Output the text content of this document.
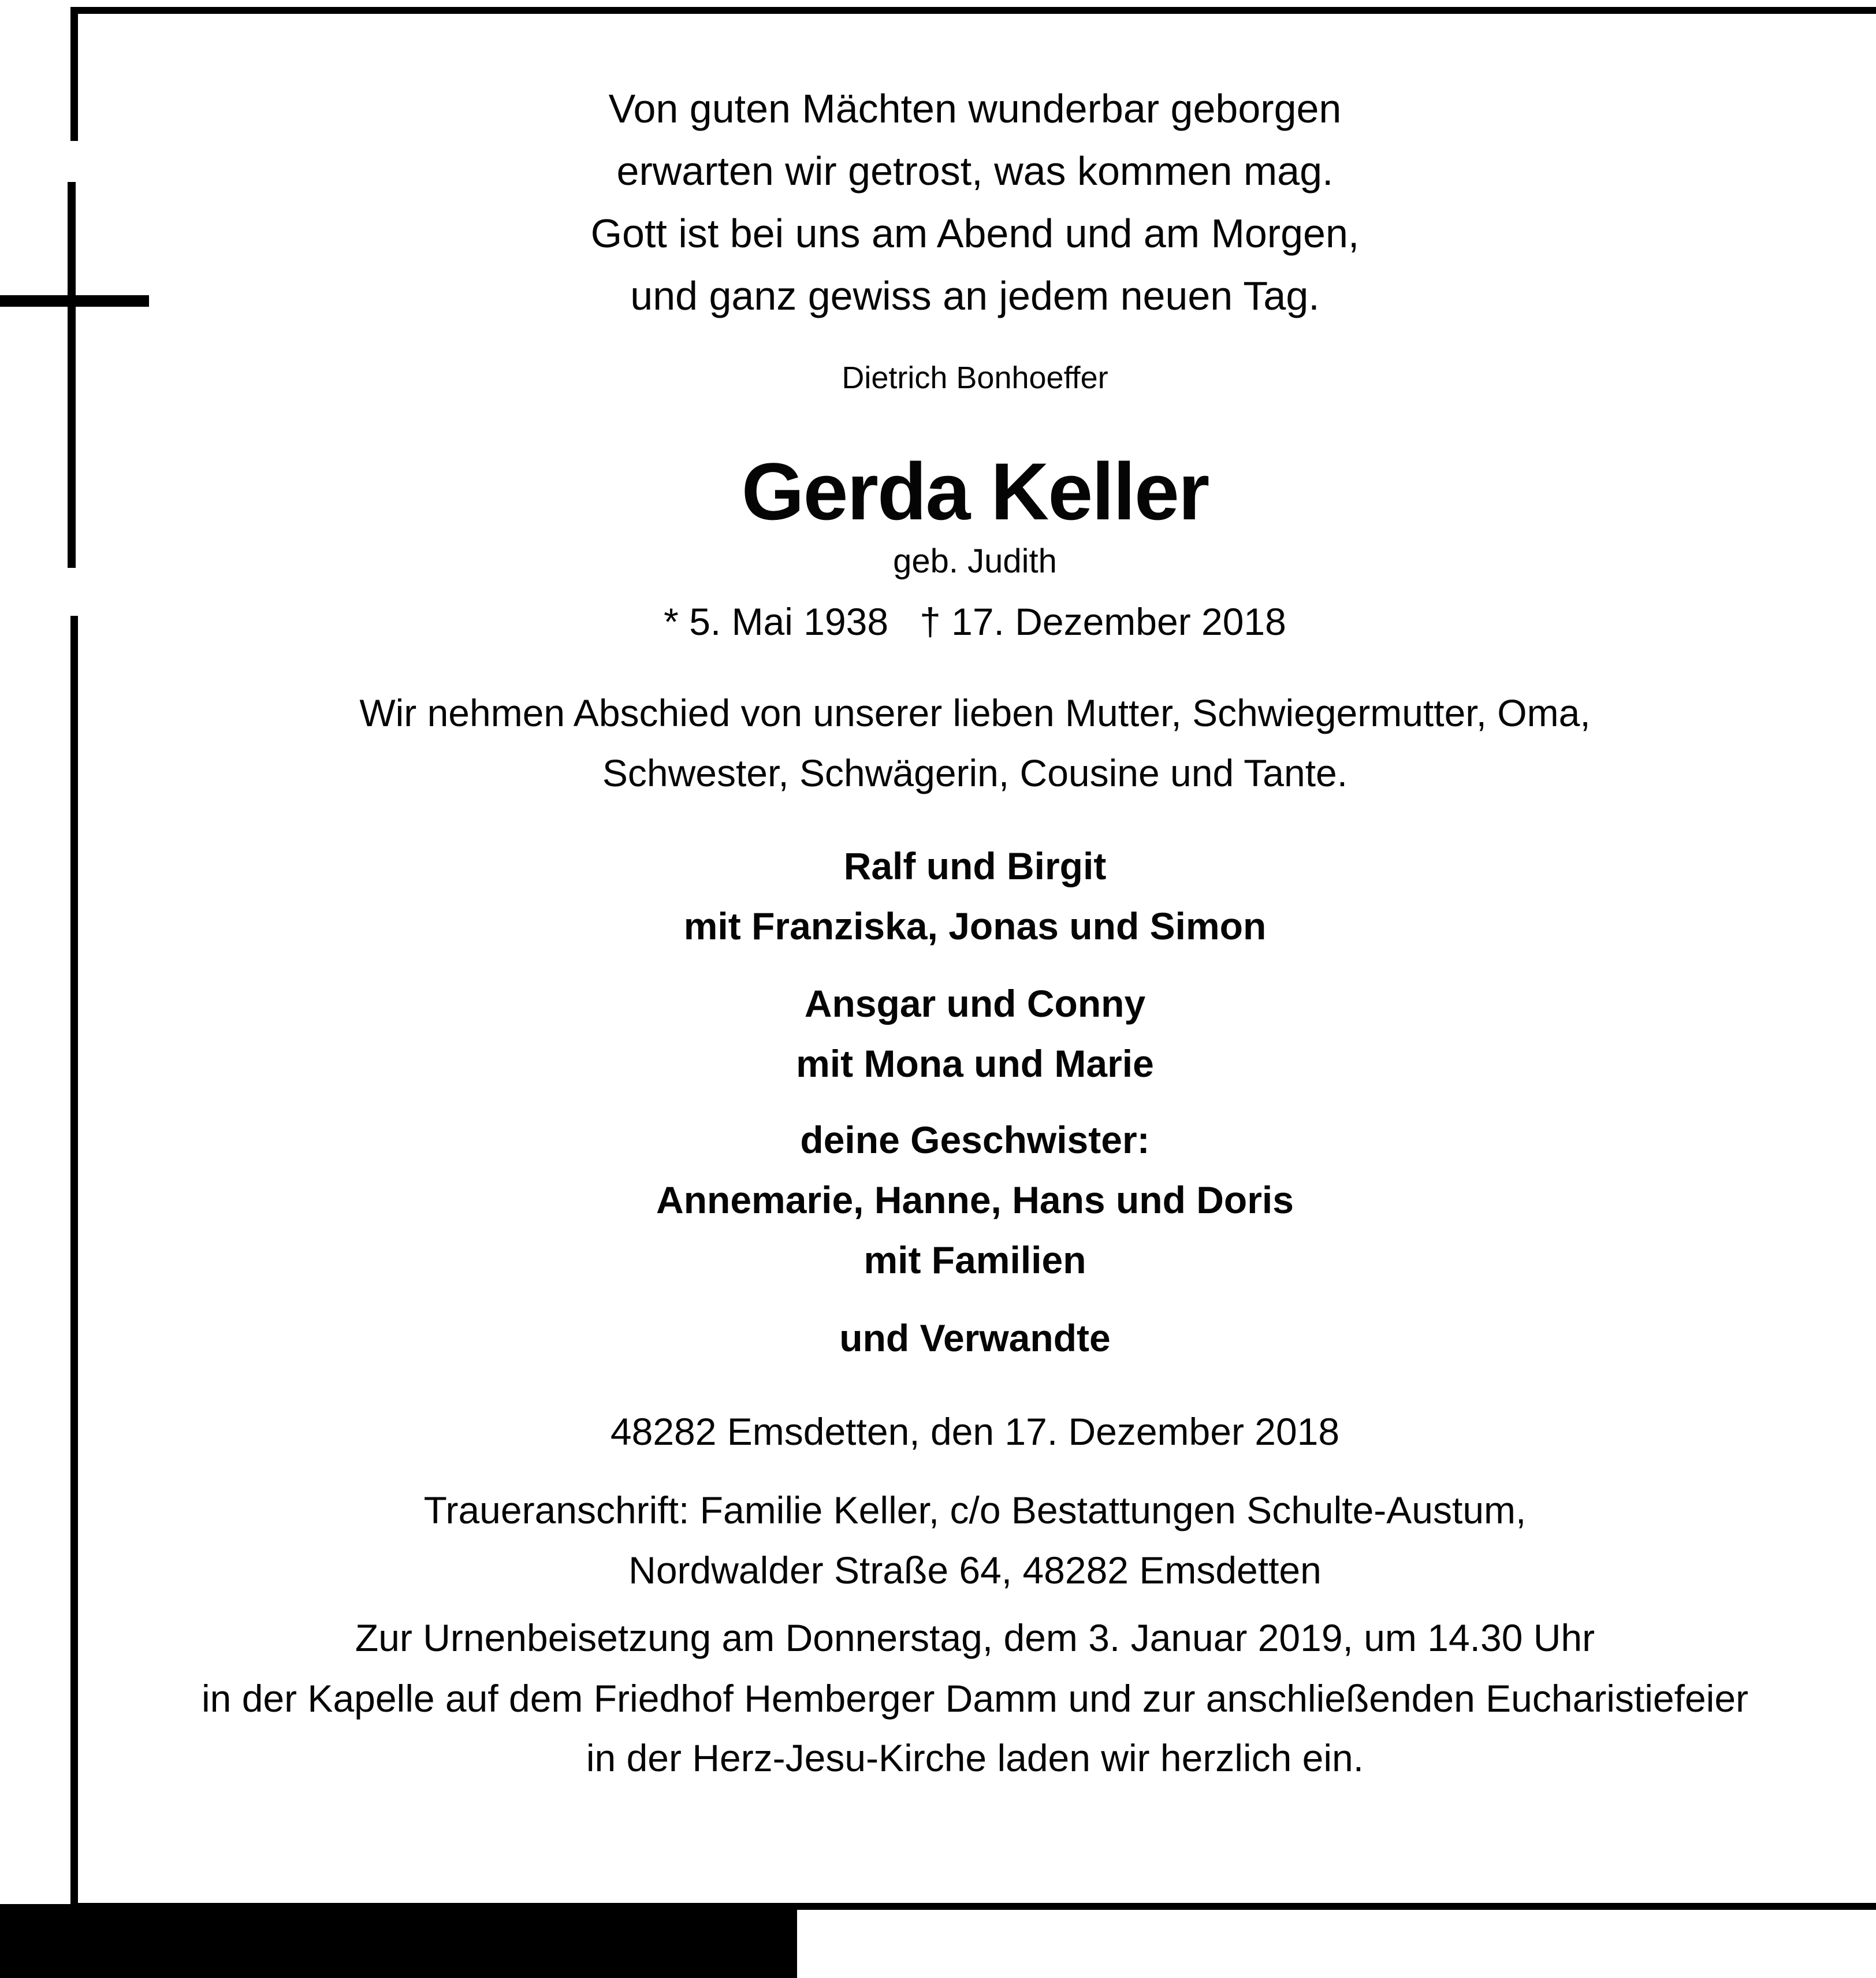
Von guten Mächten wunderbar geborgen

erwarten wir getrost, was kommen mag.

Gott ist bei uns am Abend und am Morgen,

und ganz gewiss an jedem neuen Tag.

Dietrich Bonhoeffer

Gerda Keller

geb. Judith

* 5. Mai 1938 † 17. Dezember 2018

Wir nehmen Abschied von unserer lieben Mutter, Schwiegermutter, Oma,

Schwester, Schwägerin, Cousine und Tante.

Ralf und Birgit

mit Franziska, Jonas und Simon

Ansgar und Conny

mit Mona und Marie

deine Geschwister:

Annemarie, Hanne, Hans und Doris

mit Familien

und Verwandte

48282 Emsdetten, den 17. Dezember 2018

Traueranschrift: Familie Keller, c/o Bestattungen Schulte-Austum,

Nordwalder Straße 64, 48282 Emsdetten

Zur Urnenbeisetzung am Donnerstag, dem 3. Januar 2019, um 14.30 Uhr

in der Kapelle auf dem Friedhof Hemberger Damm und zur anschließenden Eucharistiefeier

in der Herz-Jesu-Kirche laden wir herzlich ein.
